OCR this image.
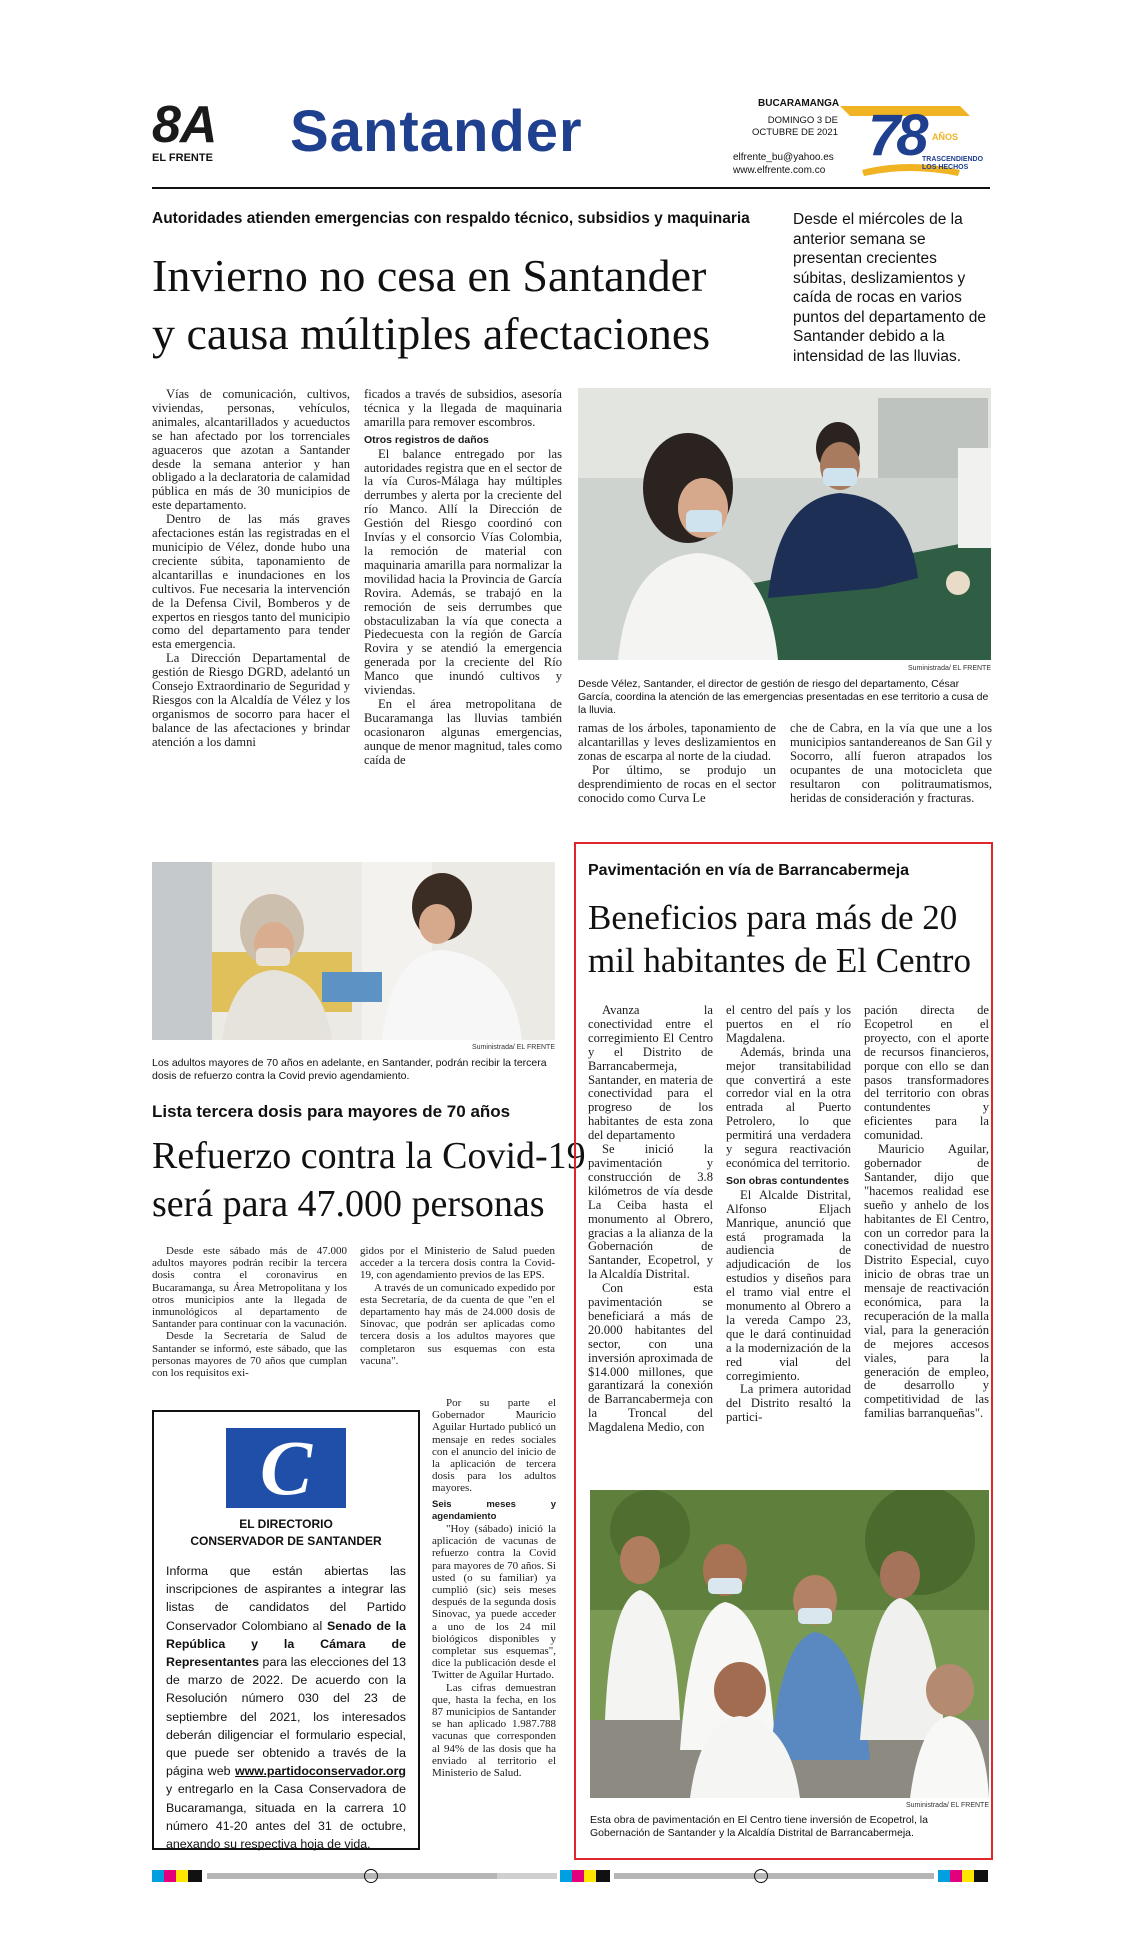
8A
EL FRENTE Santander	BUCARAMANGA
DOMINGO 3 DE OCTUBRE DE 2021
elfrente_bu@yahoo.es
www.elfrente.com.co
78 AÑOS
TRASCENDIENDO LOS HECHOS
Autoridades atienden emergencias con respaldo técnico, subsidios y maquinaria
Invierno no cesa en Santander
y causa múltiples afectaciones
Desde el miércoles de la anterior semana se presentan crecientes súbitas, deslizamientos y caída de rocas en varios puntos del departamento de Santander debido a la intensidad de las lluvias.

Vías de comunicación, cultivos, viviendas, personas, vehículos, animales, alcantarillados y acueductos se han afectado por los torrenciales aguaceros que azotan a Santander desde la semana anterior y han obligado a la declaratoria de calamidad pública en más de 30 municipios de este departamento.

Dentro de las más graves afectaciones están las registradas en el municipio de Vélez, donde hubo una creciente súbita, taponamiento de alcantarillas e inundaciones en los cultivos. Fue necesaria la intervención de la Defensa Civil, Bomberos y de expertos en riesgos tanto del municipio como del departamento para tender esta emergencia.

La Dirección Departamental de gestión de Riesgo DGRD, adelantó un Consejo Extraordinario de Seguridad y Riesgos con la Alcaldía de Vélez y los organismos de socorro para hacer el balance de las afectaciones y brindar atención a los damni

ficados a través de subsidios, asesoría técnica y la llegada de maquinaria amarilla para remover escombros.

Otros registros de daños

El balance entregado por las autoridades registra que en el sector de la vía Curos-Málaga hay múltiples derrumbes y alerta por la creciente del río Manco. Allí la Dirección de Gestión del Riesgo coordinó con Invías y el consorcio Vías Colombia, la remoción de material con maquinaria amarilla para normalizar la movilidad hacia la Provincia de García Rovira. Además, se trabajó en la remoción de seis derrumbes que obstaculizaban la vía que conecta a Piedecuesta con la región de García Rovira y se atendió la emergencia generada por la creciente del Río Manco que inundó cultivos y viviendas.

En el área metropolitana de Bucaramanga las lluvias también ocasionaron algunas emergencias, aunque de menor magnitud, tales como caída de

Suministrada/ EL FRENTE
Desde Vélez, Santander, el director de gestión de riesgo del departamento, César García, coordina la atención de las emergencias presentadas en ese territorio a cusa de la lluvia.

ramas de los árboles, taponamiento de alcantarillas y leves deslizamientos en zonas de escarpa al norte de la ciudad.

Por último, se produjo un desprendimiento de rocas en el sector conocido como Curva Le

che de Cabra, en la vía que une a los municipios santandereanos de San Gil y Socorro, allí fueron atrapados los ocupantes de una motocicleta que resultaron con politraumatismos, heridas de consideración y fracturas.

Suministrada/ EL FRENTE
Los adultos mayores de 70 años en adelante, en Santander, podrán recibir la tercera dosis de refuerzo contra la Covid previo agendamiento.
Lista tercera dosis para mayores de 70 años
Refuerzo contra la Covid-19
será para 47.000 personas

Desde este sábado más de 47.000 adultos mayores podrán recibir la tercera dosis contra el coronavirus en Bucaramanga, su Área Metropolitana y los otros municipios ante la llegada de inmunológicos al departamento de Santander para continuar con la vacunación.

Desde la Secretaría de Salud de Santander se informó, este sábado, que las personas mayores de 70 años que cumplan con los requisitos exi-

gidos por el Ministerio de Salud pueden acceder a la tercera dosis contra la Covid-19, con agendamiento previos de las EPS.

A través de un comunicado expedido por esta Secretaría, de da cuenta de que "en el departamento hay más de 24.000 dosis de Sinovac, que podrán ser aplicadas como tercera dosis a los adultos mayores que completaron sus esquemas con esta vacuna".

Por su parte el Gobernador Mauricio Aguilar Hurtado publicó un mensaje en redes sociales con el anuncio del inicio de la aplicación de tercera dosis para los adultos mayores.

Seis meses y agendamiento

"Hoy (sábado) inició la aplicación de vacunas de refuerzo contra la Covid para mayores de 70 años. Si usted (o su familiar) ya cumplió (sic) seis meses después de la segunda dosis Sinovac, ya puede acceder a uno de los 24 mil biológicos disponibles y completar sus esquemas", dice la publicación desde el Twitter de Aguilar Hurtado.

Las cifras demuestran que, hasta la fecha, en los 87 municipios de Santander se han aplicado 1.987.788 vacunas que corresponden al 94% de las dosis que ha enviado al territorio el Ministerio de Salud.

C
EL DIRECTORIO
CONSERVADOR DE SANTANDER
Informa que están abiertas las inscripciones de aspirantes a integrar las listas de candidatos del Partido Conservador Colombiano al Senado de la República y la Cámara de Representantes para las elecciones del 13 de marzo de 2022. De acuerdo con la Resolución número 030 del 23 de septiembre del 2021, los interesados deberán diligenciar el formulario especial, que puede ser obtenido a través de la página web www.partidoconservador.org y entregarlo en la Casa Conservadora de Bucaramanga, situada en la carrera 10 número 41-20 antes del 31 de octubre, anexando su respectiva hoja de vida.
Pavimentación en vía de Barrancabermeja
Beneficios para más de 20
mil habitantes de El Centro

Avanza la conectividad entre el corregimiento El Centro y el Distrito de Barrancabermeja, Santander, en materia de conectividad para el progreso de los habitantes de esta zona del departamento

Se inició la pavimentación y construcción de 3.8 kilómetros de vía desde La Ceiba hasta el monumento al Obrero, gracias a la alianza de la Gobernación de Santander, Ecopetrol, y la Alcaldía Distrital.

Con esta pavimentación se beneficiará a más de 20.000 habitantes del sector, con una inversión aproximada de $14.000 millones, que garantizará la conexión de Barrancabermeja con la Troncal del Magdalena Medio, con

el centro del país y los puertos en el río Magdalena.

Además, brinda una mejor transitabilidad que convertirá a este corredor vial en la otra entrada al Puerto Petrolero, lo que permitirá una verdadera y segura reactivación económica del territorio.

Son obras contundentes

El Alcalde Distrital, Alfonso Eljach Manrique, anunció que está programada la audiencia de adjudicación de los estudios y diseños para el tramo vial entre el monumento al Obrero a la vereda Campo 23, que le dará continuidad a la modernización de la red vial del corregimiento.

La primera autoridad del Distrito resaltó la partici-

pación directa de Ecopetrol en el proyecto, con el aporte de recursos financieros, porque con ello se dan pasos transformadores del territorio con obras contundentes y eficientes para la comunidad.

Mauricio Aguilar, gobernador de Santander, dijo que "hacemos realidad ese sueño y anhelo de los habitantes de El Centro, con un corredor para la conectividad de nuestro Distrito Especial, cuyo inicio de obras trae un mensaje de reactivación económica, para la recuperación de la malla vial, para la generación de mejores accesos viales, para la generación de empleo, de desarrollo y competitividad de las familias barranqueñas".

Suministrada/ EL FRENTE
Esta obra de pavimentación en El Centro tiene inversión de Ecopetrol, la Gobernación de Santander y la Alcaldía Distrital de Barrancabermeja.
